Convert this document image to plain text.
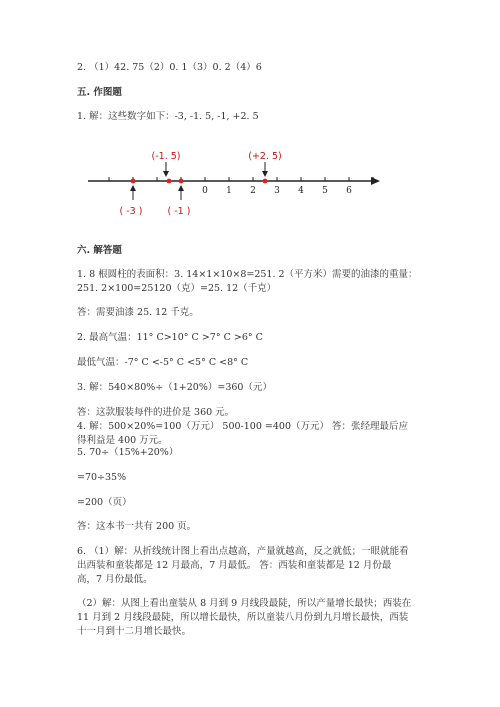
2. （1）42. 75（2）0. 1（3）0. 2（4）6
五. 作图题
1. 解：这些数字如下：-3, -1. 5, -1, +2. 5
0 1 2 3 4 5 6
(-1. 5)	(+2. 5)
( -3 )	( -1 )
六. 解答题
1. 8 根圆柱的表面积：3. 14×1×10×8=251. 2（平方米）需要的油漆的重量：
251. 2×100=25120（克）=25. 12（千克）
答：需要油漆 25. 12 千克。
2. 最高气温：11° C>10° C >7° C >6° C
最低气温：-7° C <-5° C <5° C <8° C
3. 解：540×80%÷（1+20%）=360（元）
答：这款服装每件的进价是 360 元。
4. 解：500×20%=100（万元） 500-100 =400（万元） 答：张经理最后应
得利益是 400 万元。
5. 70÷（15%+20%）
=70÷35%
=200（页）
答：这本书一共有 200 页。
6. （1）解：从折线统计图上看出点越高，产量就越高，反之就低；一眼就能看
出西装和童装都是 12 月最高，7 月最低。 答：西装和童装都是 12 月份最
高，7 月份最低。
（2）解：从图上看出童装从 8 月到 9 月线段最陡，所以产量增长最快；西装在
11 月到 2 月线段最陡，所以增长最快，所以童装八月份到九月增长最快，西装
十一月到十二月增长最快。
